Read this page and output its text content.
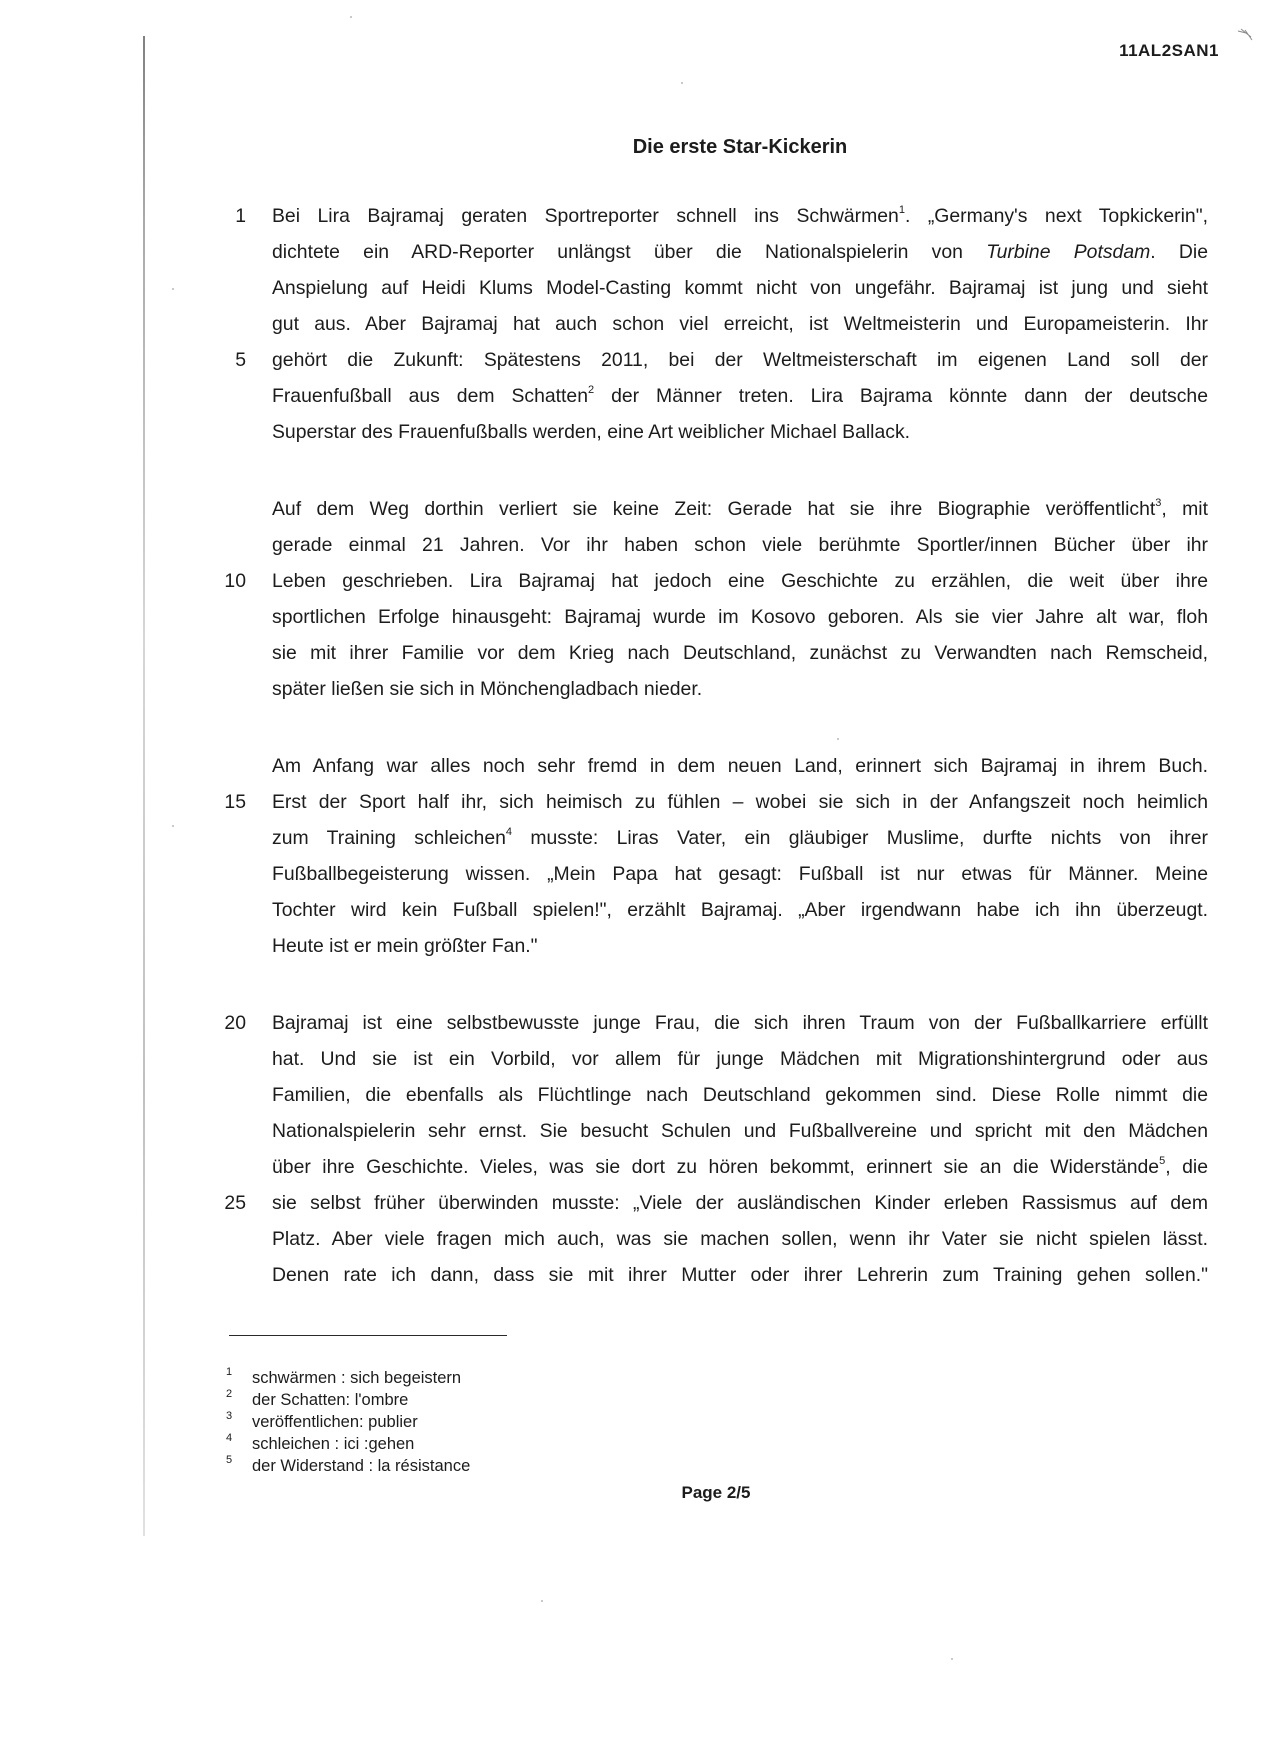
11AL2SAN1
Die erste Star-Kickerin
1 Bei Lira Bajramaj geraten Sportreporter schnell ins Schwärmen$^1$. „Germany's next Topkickerin",
dichtete ein ARD-Reporter unlängst über die Nationalspielerin von Turbine Potsdam. Die
Anspielung auf Heidi Klums Model-Casting kommt nicht von ungefähr. Bajramaj ist jung und sieht
gut aus. Aber Bajramaj hat auch schon viel erreicht, ist Weltmeisterin und Europameisterin. Ihr
5 gehört die Zukunft: Spätestens 2011, bei der Weltmeisterschaft im eigenen Land soll der
Frauenfußball aus dem Schatten$^2$ der Männer treten. Lira Bajrama könnte dann der deutsche
Superstar des Frauenfußballs werden, eine Art weiblicher Michael Ballack.
Auf dem Weg dorthin verliert sie keine Zeit: Gerade hat sie ihre Biographie veröffentlicht$^3$, mit
gerade einmal 21 Jahren. Vor ihr haben schon viele berühmte Sportler/innen Bücher über ihr
10 Leben geschrieben. Lira Bajramaj hat jedoch eine Geschichte zu erzählen, die weit über ihre
sportlichen Erfolge hinausgeht: Bajramaj wurde im Kosovo geboren. Als sie vier Jahre alt war, floh
sie mit ihrer Familie vor dem Krieg nach Deutschland, zunächst zu Verwandten nach Remscheid,
später ließen sie sich in Mönchengladbach nieder.
Am Anfang war alles noch sehr fremd in dem neuen Land, erinnert sich Bajramaj in ihrem Buch.
15 Erst der Sport half ihr, sich heimisch zu fühlen – wobei sie sich in der Anfangszeit noch heimlich
zum Training schleichen$^4$ musste: Liras Vater, ein gläubiger Muslime, durfte nichts von ihrer
Fußballbegeisterung wissen. „Mein Papa hat gesagt: Fußball ist nur etwas für Männer. Meine
Tochter wird kein Fußball spielen!", erzählt Bajramaj. „Aber irgendwann habe ich ihn überzeugt.
Heute ist er mein größter Fan."
20 Bajramaj ist eine selbstbewusste junge Frau, die sich ihren Traum von der Fußballkarriere erfüllt
hat. Und sie ist ein Vorbild, vor allem für junge Mädchen mit Migrationshintergrund oder aus
Familien, die ebenfalls als Flüchtlinge nach Deutschland gekommen sind. Diese Rolle nimmt die
Nationalspielerin sehr ernst. Sie besucht Schulen und Fußballvereine und spricht mit den Mädchen
über ihre Geschichte. Vieles, was sie dort zu hören bekommt, erinnert sie an die Widerstände$^5$, die
25 sie selbst früher überwinden musste: „Viele der ausländischen Kinder erleben Rassismus auf dem
Platz. Aber viele fragen mich auch, was sie machen sollen, wenn ihr Vater sie nicht spielen lässt.
Denen rate ich dann, dass sie mit ihrer Mutter oder ihrer Lehrerin zum Training gehen sollen."
1 schwärmen : sich begeistern
2 der Schatten: l'ombre
3 veröffentlichen: publier
4 schleichen : ici :gehen
5 der Widerstand : la résistance
Page 2/5
